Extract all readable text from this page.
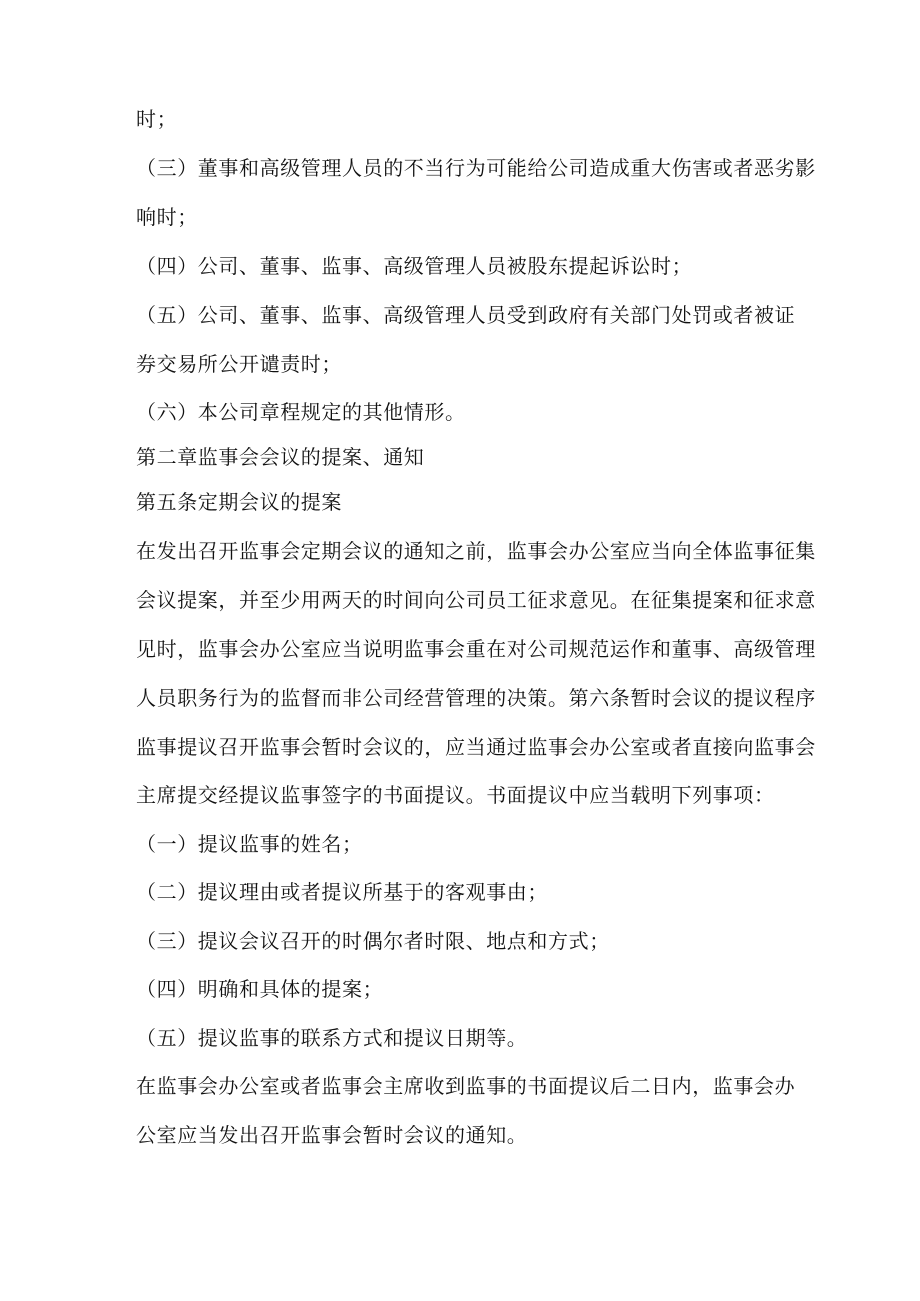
时；
（三）董事和高级管理人员的不当行为可能给公司造成重大伤害或者恶劣影
响时；
（四）公司、董事、监事、高级管理人员被股东提起诉讼时；
（五）公司、董事、监事、高级管理人员受到政府有关部门处罚或者被证
券交易所公开谴责时；
（六）本公司章程规定的其他情形。
第二章监事会会议的提案、通知
第五条定期会议的提案
在发出召开监事会定期会议的通知之前，监事会办公室应当向全体监事征集
会议提案，并至少用两天的时间向公司员工征求意见。在征集提案和征求意
见时，监事会办公室应当说明监事会重在对公司规范运作和董事、高级管理
人员职务行为的监督而非公司经营管理的决策。第六条暂时会议的提议程序
监事提议召开监事会暂时会议的，应当通过监事会办公室或者直接向监事会
主席提交经提议监事签字的书面提议。书面提议中应当载明下列事项：
（一）提议监事的姓名；
（二）提议理由或者提议所基于的客观事由；
（三）提议会议召开的时偶尔者时限、地点和方式；
（四）明确和具体的提案；
（五）提议监事的联系方式和提议日期等。
在监事会办公室或者监事会主席收到监事的书面提议后二日内，监事会办
公室应当发出召开监事会暂时会议的通知。
